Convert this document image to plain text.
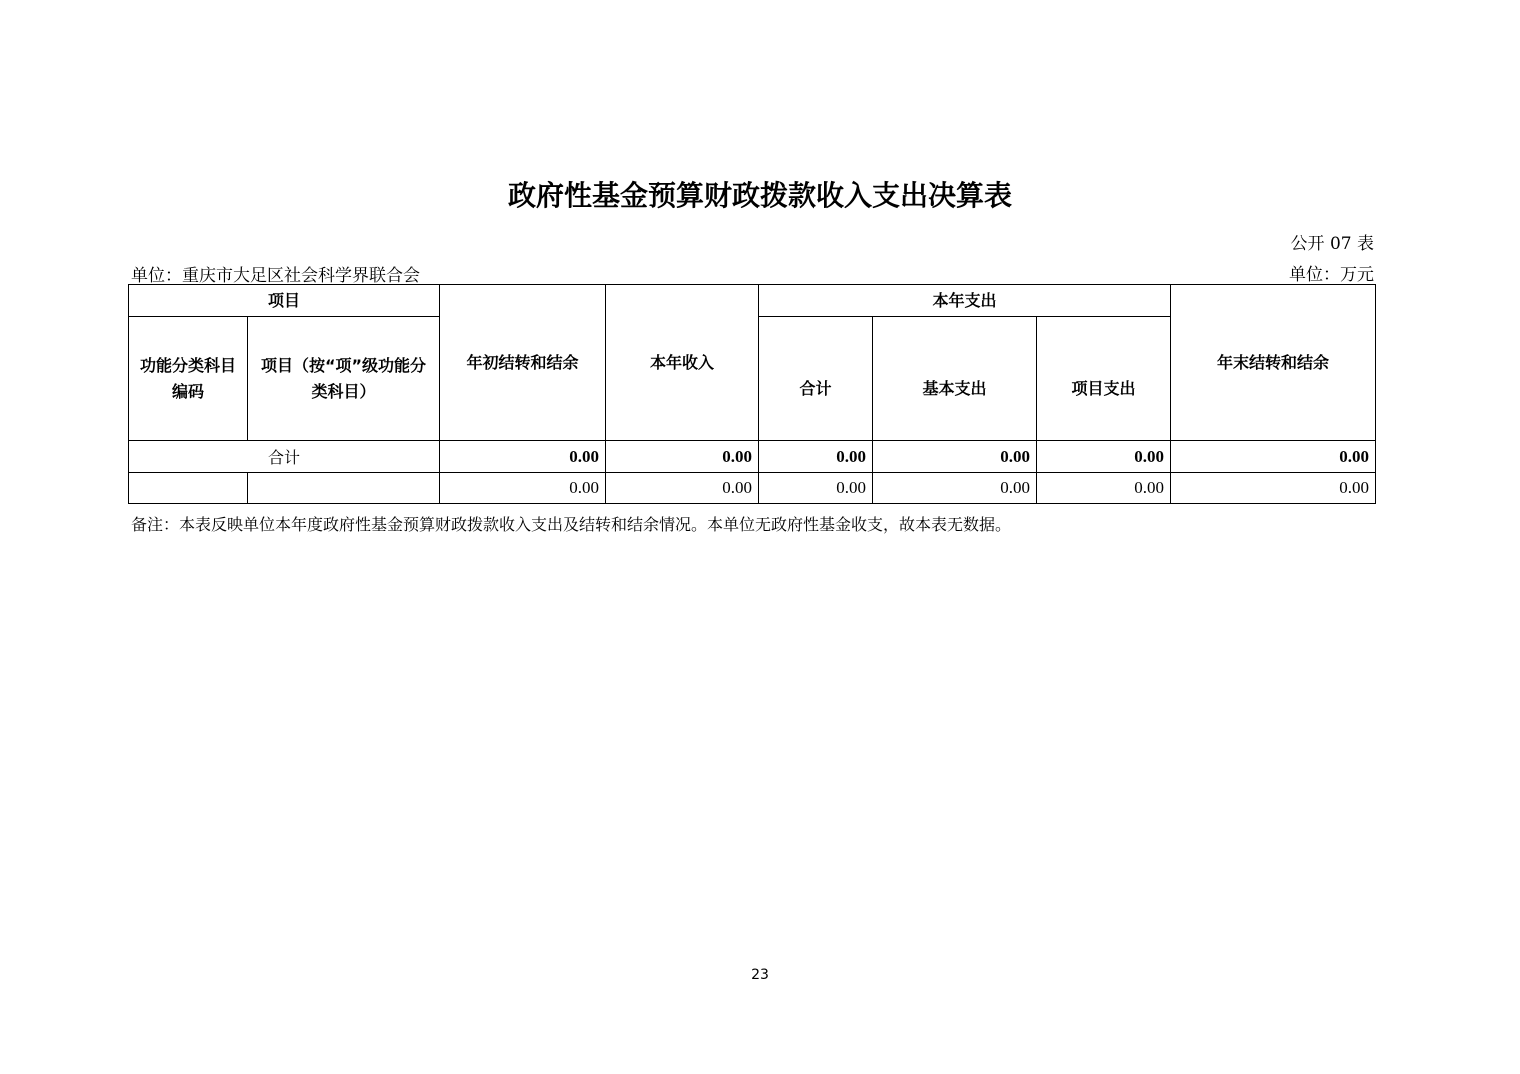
政府性基金预算财政拨款收入支出决算表
公开 07 表
单位：重庆市大足区社会科学界联合会	单位：万元
项目		年初结转和结余	本年收入	本年支出			年末结转和结余
功能分类科目编码	项目（按“项”级功能分类科目）			合计	基本支出	项目支出	
合计		0.00	0.00	0.00	0.00	0.00	0.00
		0.00	0.00	0.00	0.00	0.00	0.00
备注：本表反映单位本年度政府性基金预算财政拨款收入支出及结转和结余情况。本单位无政府性基金收支，故本表无数据。
23
